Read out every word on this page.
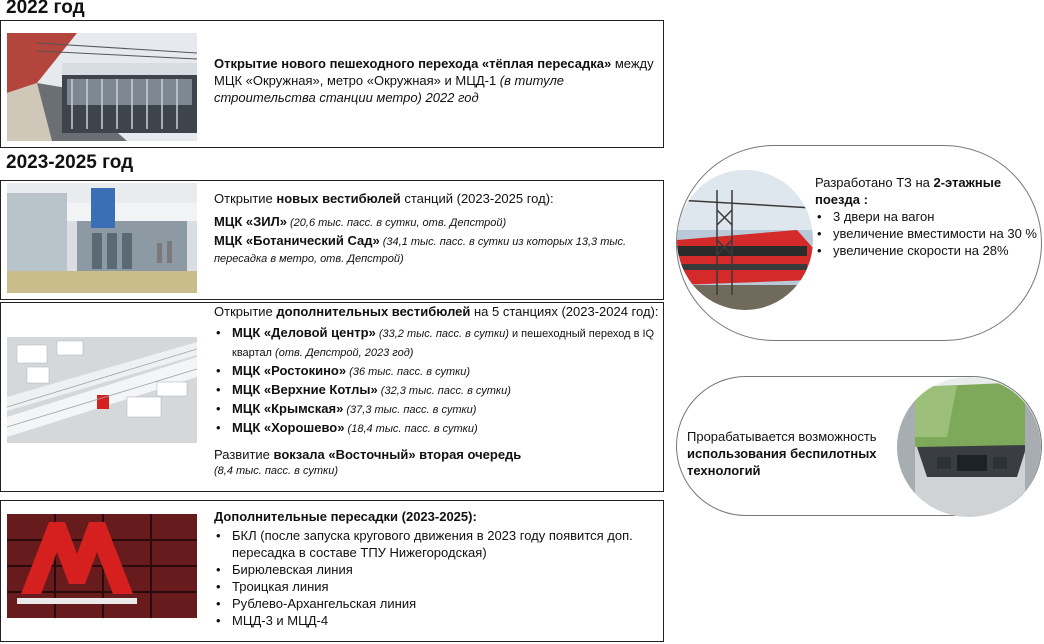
2022 год
2023-2025 год
Открытие нового пешеходного перехода «тёплая пересадка» между МЦК «Окружная», метро «Окружная» и МЦД-1 (в титуле строительства станции метро) 2022 год
Открытие новых вестибюлей станций (2023-2025 год):
МЦК «ЗИЛ» (20,6 тыс. пасс. в сутки, отв. Депстрой)
МЦК «Ботанический Сад» (34,1 тыс. пасс. в сутки из которых 13,3 тыс. пересадка в метро, отв. Депстрой)
Открытие дополнительных вестибюлей на 5 станциях (2023-2024 год):
• МЦК «Деловой центр» (33,2 тыс. пасс. в сутки) и пешеходный переход в IQ квартал (отв. Депстрой, 2023 год)
• МЦК «Ростокино» (36 тыс. пасс. в сутки)
• МЦК «Верхние Котлы» (32,3 тыс. пасс. в сутки)
• МЦК «Крымская» (37,3 тыс. пасс. в сутки)
• МЦК «Хорошево» (18,4 тыс. пасс. в сутки)
Развитие вокзала «Восточный» вторая очередь
(8,4 тыс. пасс. в сутки)
Дополнительные пересадки (2023-2025):
• БКЛ (после запуска кругового движения в 2023 году появится доп. пересадка в составе ТПУ Нижегородская)
• Бирюлевская линия
• Троицкая линия
• Рублево-Архангельская линия
• МЦД-3 и МЦД-4
Разработано ТЗ на 2-этажные поезда :
• 3 двери на вагон
• увеличение вместимости на 30 %
• увеличение скорости на 28%
Прорабатывается возможность использования беспилотных технологий
